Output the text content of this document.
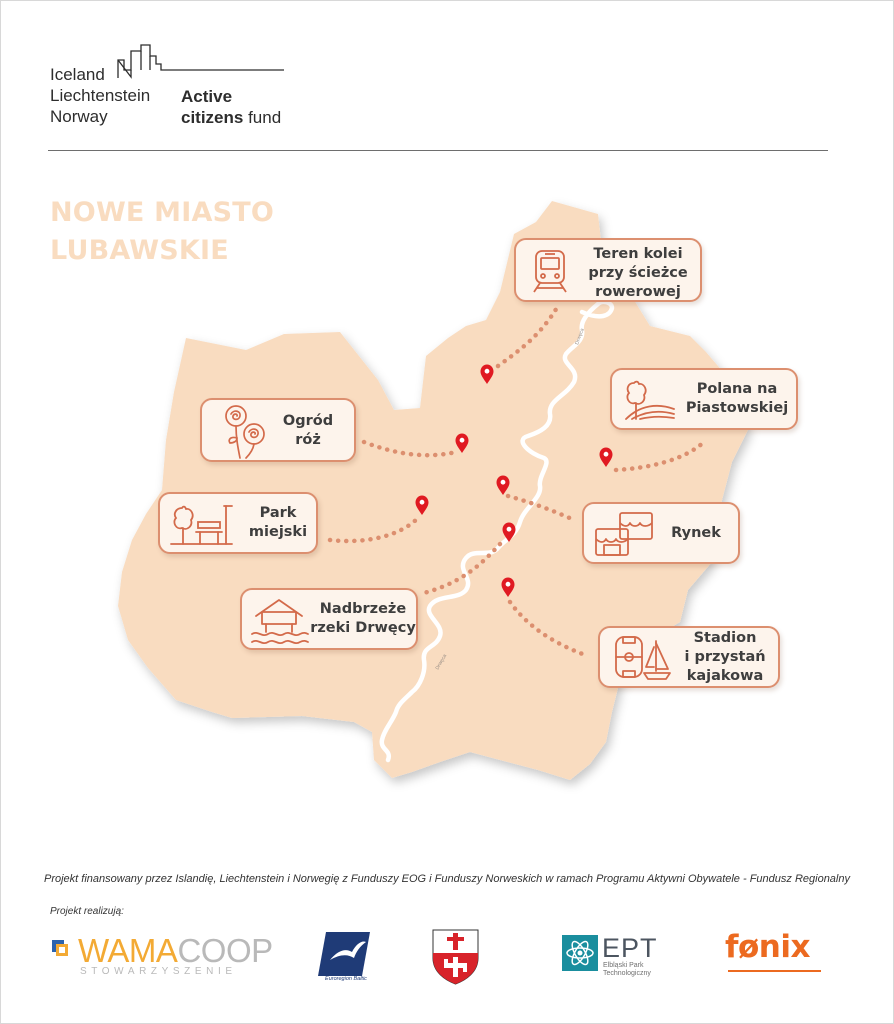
Iceland
Liechtenstein
Norway
Active
citizens fund
Drwęca
Drwęca
NOWE MIASTO
LUBAWSKIE	Teren kolei
przy ścieżce
rowerowej
Polana na
Piastowskiej
Ogród
róż
Park
miejski	Rynek
Nadbrzeże
rzeki Drwęcy
Stadion
i przystań
kajakowa
Projekt finansowany przez Islandię, Liechtenstein i Norwegię z Funduszy EOG i Funduszy Norweskich w ramach Programu Aktywni Obywatele - Fundusz Regionalny
Projekt realizują:
WAMACOOP
STOWARZYSZENIE
Euroregion Baltic
EPT
Elbląski Park
Technologiczny
fønix
